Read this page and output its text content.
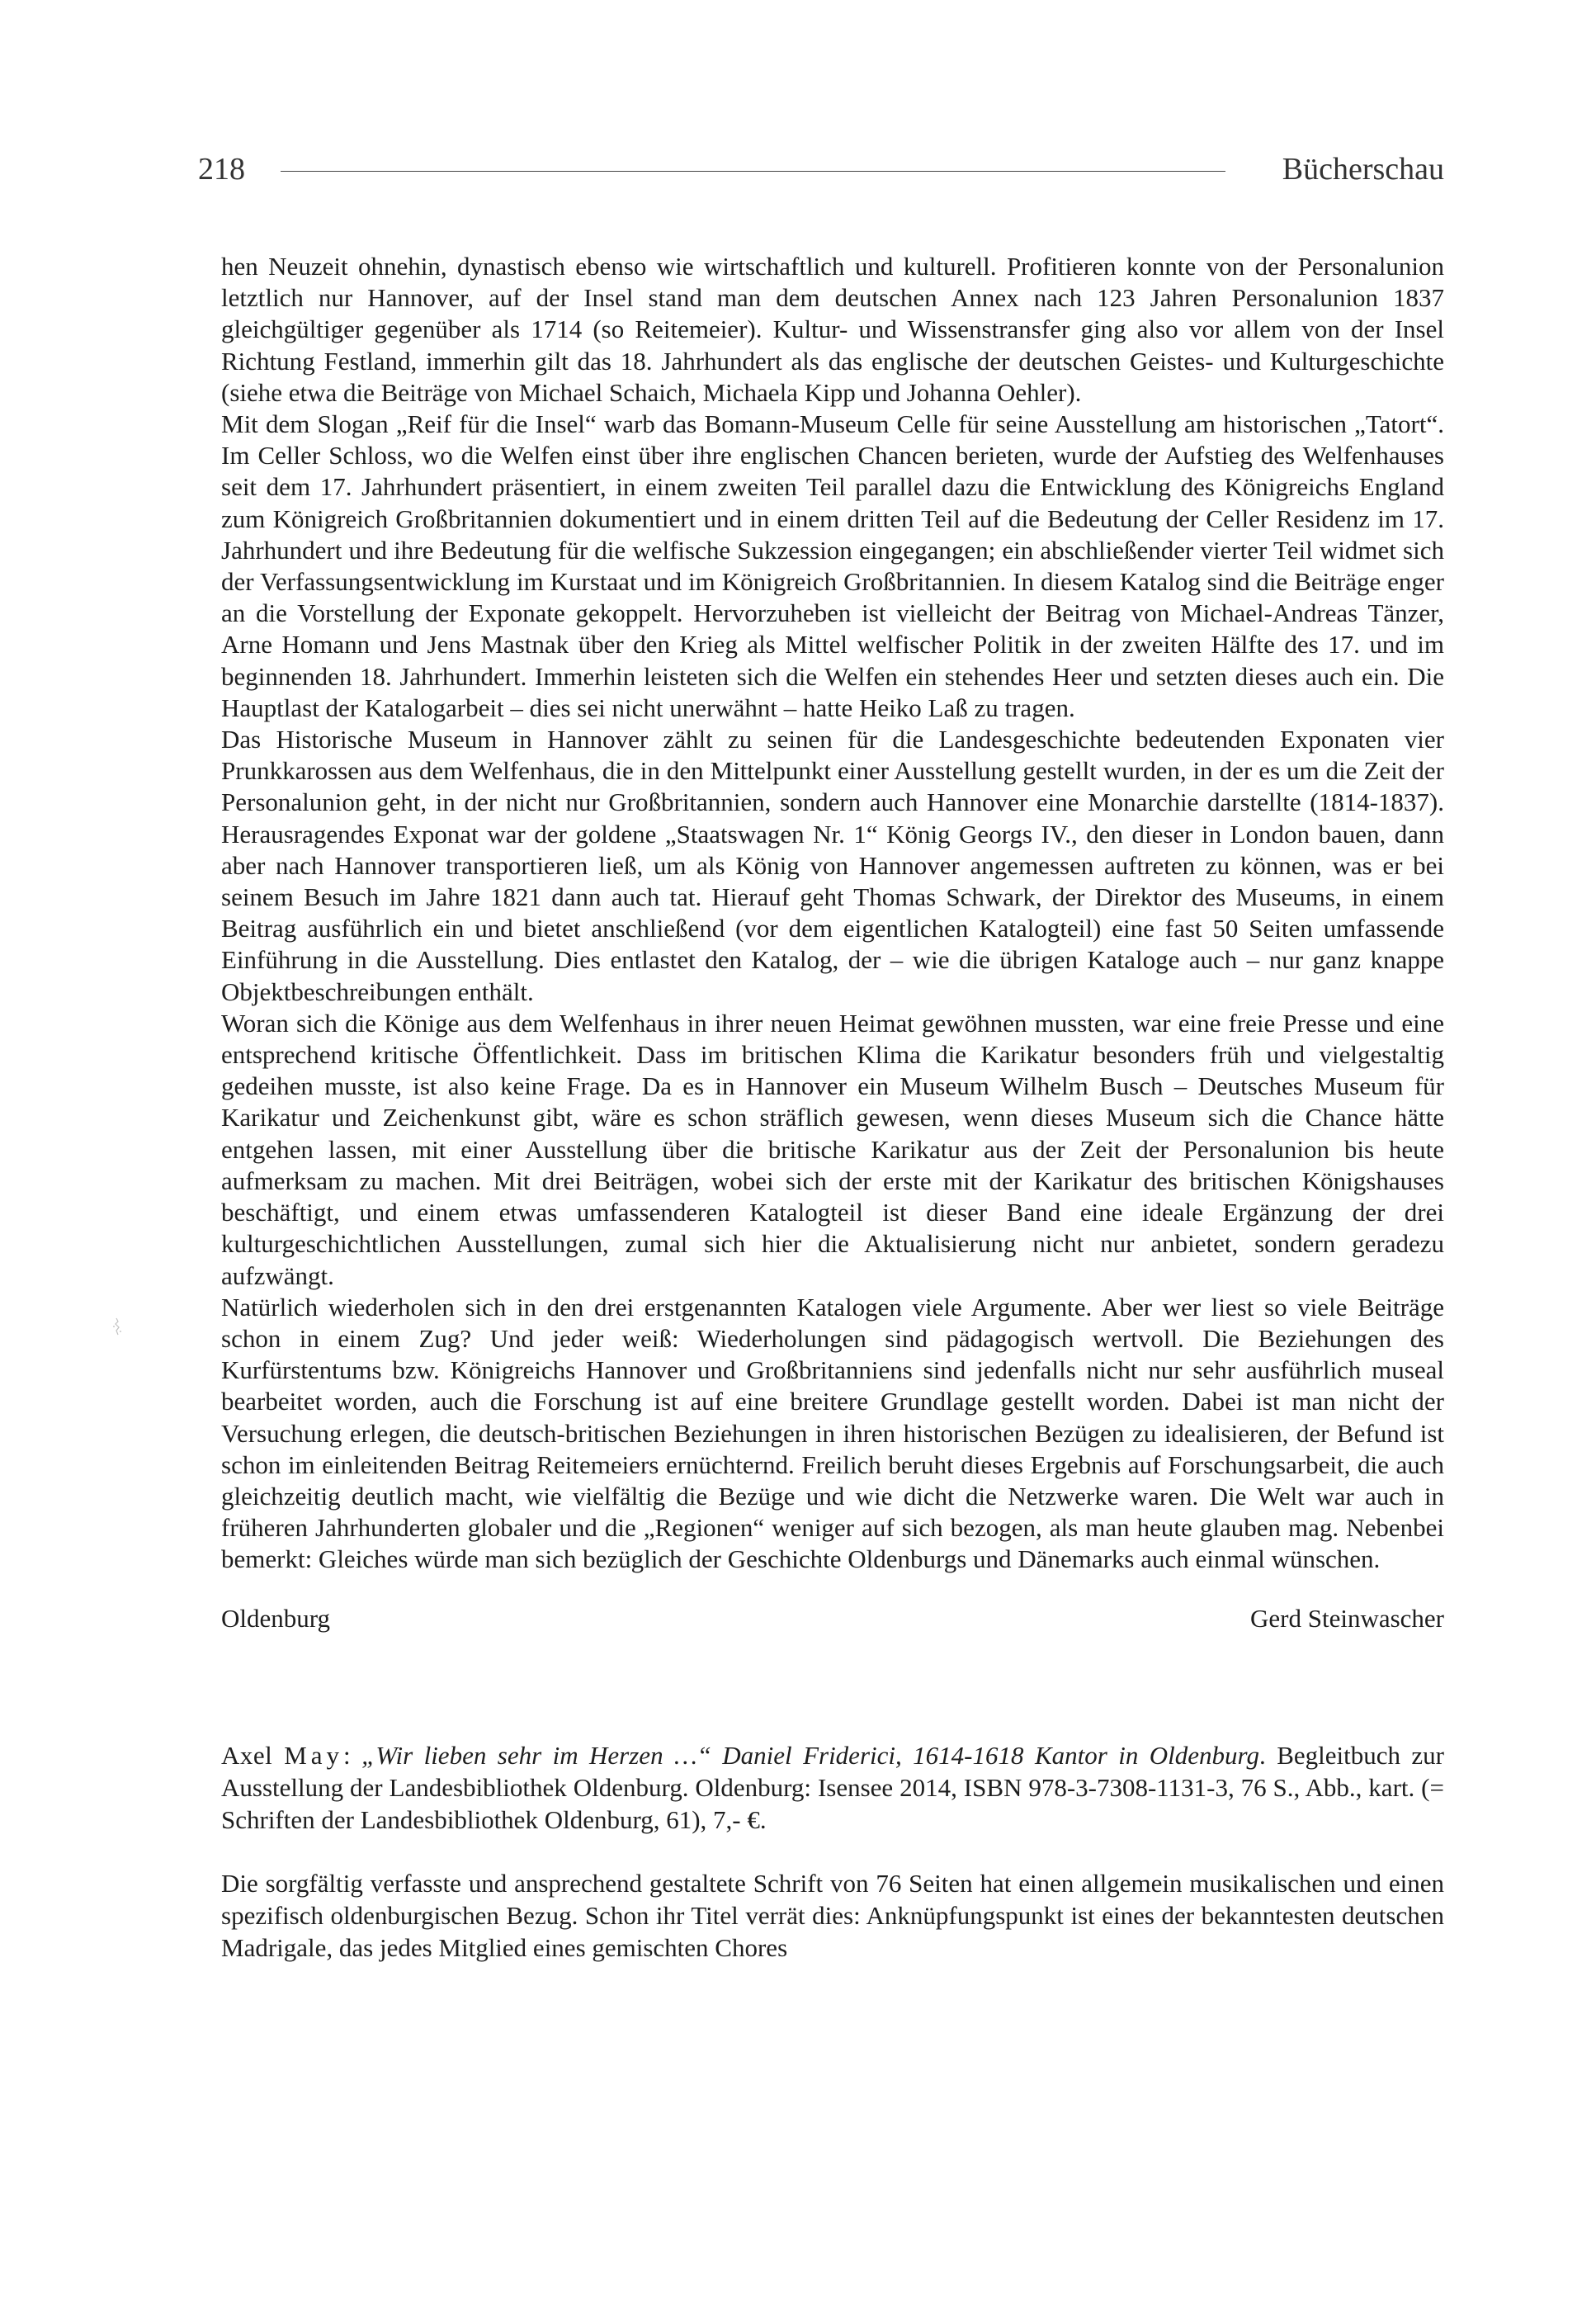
218	Bücherschau

hen Neuzeit ohnehin, dynastisch ebenso wie wirtschaftlich und kulturell. Profitieren konnte von der Personalunion letztlich nur Hannover, auf der Insel stand man dem deutschen Annex nach 123 Jahren Personalunion 1837 gleichgültiger gegenüber als 1714 (so Reitemeier). Kultur- und Wissenstransfer ging also vor allem von der Insel Richtung Festland, immerhin gilt das 18. Jahrhundert als das englische der deutschen Geistes- und Kulturgeschichte (siehe etwa die Beiträge von Michael Schaich, Michaela Kipp und Johanna Oehler).

Mit dem Slogan „Reif für die Insel“ warb das Bomann-Museum Celle für seine Ausstellung am historischen „Tatort“. Im Celler Schloss, wo die Welfen einst über ihre englischen Chancen berieten, wurde der Aufstieg des Welfenhauses seit dem 17. Jahrhundert präsentiert, in einem zweiten Teil parallel dazu die Entwicklung des Königreichs England zum Königreich Großbritannien dokumentiert und in einem dritten Teil auf die Bedeutung der Celler Residenz im 17. Jahrhundert und ihre Bedeutung für die welfische Sukzession eingegangen; ein abschließender vierter Teil widmet sich der Verfassungsentwicklung im Kurstaat und im Königreich Großbritannien. In diesem Katalog sind die Beiträge enger an die Vorstellung der Exponate gekoppelt. Hervorzuheben ist vielleicht der Beitrag von Michael-Andreas Tänzer, Arne Homann und Jens Mastnak über den Krieg als Mittel welfischer Politik in der zweiten Hälfte des 17. und im beginnenden 18. Jahrhundert. Immerhin leisteten sich die Welfen ein stehendes Heer und setzten dieses auch ein. Die Hauptlast der Katalogarbeit – dies sei nicht unerwähnt – hatte Heiko Laß zu tragen.

Das Historische Museum in Hannover zählt zu seinen für die Landesgeschichte bedeutenden Exponaten vier Prunkkarossen aus dem Welfenhaus, die in den Mittelpunkt einer Ausstellung gestellt wurden, in der es um die Zeit der Personalunion geht, in der nicht nur Großbritannien, sondern auch Hannover eine Monarchie darstellte (1814-1837). Herausragendes Exponat war der goldene „Staatswagen Nr. 1“ König Georgs IV., den dieser in London bauen, dann aber nach Hannover transportieren ließ, um als König von Hannover angemessen auftreten zu können, was er bei seinem Besuch im Jahre 1821 dann auch tat. Hierauf geht Thomas Schwark, der Direktor des Museums, in einem Beitrag ausführlich ein und bietet anschließend (vor dem eigentlichen Katalogteil) eine fast 50 Seiten umfassende Einführung in die Ausstellung. Dies entlastet den Katalog, der – wie die übrigen Kataloge auch – nur ganz knappe Objektbeschreibungen enthält.

Woran sich die Könige aus dem Welfenhaus in ihrer neuen Heimat gewöhnen mussten, war eine freie Presse und eine entsprechend kritische Öffentlichkeit. Dass im britischen Klima die Karikatur besonders früh und vielgestaltig gedeihen musste, ist also keine Frage. Da es in Hannover ein Museum Wilhelm Busch – Deutsches Museum für Karikatur und Zeichenkunst gibt, wäre es schon sträflich gewesen, wenn dieses Museum sich die Chance hätte entgehen lassen, mit einer Ausstellung über die britische Karikatur aus der Zeit der Personalunion bis heute aufmerksam zu machen. Mit drei Beiträgen, wobei sich der erste mit der Karikatur des britischen Königshauses beschäftigt, und einem etwas umfassenderen Katalogteil ist dieser Band eine ideale Ergänzung der drei kulturgeschichtlichen Ausstellungen, zumal sich hier die Aktualisierung nicht nur anbietet, sondern geradezu aufzwängt.

Natürlich wiederholen sich in den drei erstgenannten Katalogen viele Argumente. Aber wer liest so viele Beiträge schon in einem Zug? Und jeder weiß: Wiederholungen sind pädagogisch wertvoll. Die Beziehungen des Kurfürstentums bzw. Königreichs Hannover und Großbritanniens sind jedenfalls nicht nur sehr ausführlich museal bearbeitet worden, auch die Forschung ist auf eine breitere Grundlage gestellt worden. Dabei ist man nicht der Versuchung erlegen, die deutsch-britischen Beziehungen in ihren historischen Bezügen zu idealisieren, der Befund ist schon im einleitenden Beitrag Reitemeiers ernüchternd. Freilich beruht dieses Ergebnis auf Forschungsarbeit, die auch gleichzeitig deutlich macht, wie vielfältig die Bezüge und wie dicht die Netzwerke waren. Die Welt war auch in früheren Jahrhunderten globaler und die „Regionen“ weniger auf sich bezogen, als man heute glauben mag. Nebenbei bemerkt: Gleiches würde man sich bezüglich der Geschichte Oldenburgs und Dänemarks auch einmal wünschen.

Oldenburg	Gerd Steinwascher

Axel May: „Wir lieben sehr im Herzen …“ Daniel Friderici, 1614-1618 Kantor in Oldenburg. Begleitbuch zur Ausstellung der Landesbibliothek Oldenburg. Oldenburg: Isensee 2014, ISBN 978-3-7308-1131-3, 76 S., Abb., kart. (= Schriften der Landesbibliothek Oldenburg, 61), 7,- €.

Die sorgfältig verfasste und ansprechend gestaltete Schrift von 76 Seiten hat einen allgemein musikalischen und einen spezifisch oldenburgischen Bezug. Schon ihr Titel verrät dies: Anknüpfungspunkt ist eines der bekanntesten deutschen Madrigale, das jedes Mitglied eines gemischten Chores
